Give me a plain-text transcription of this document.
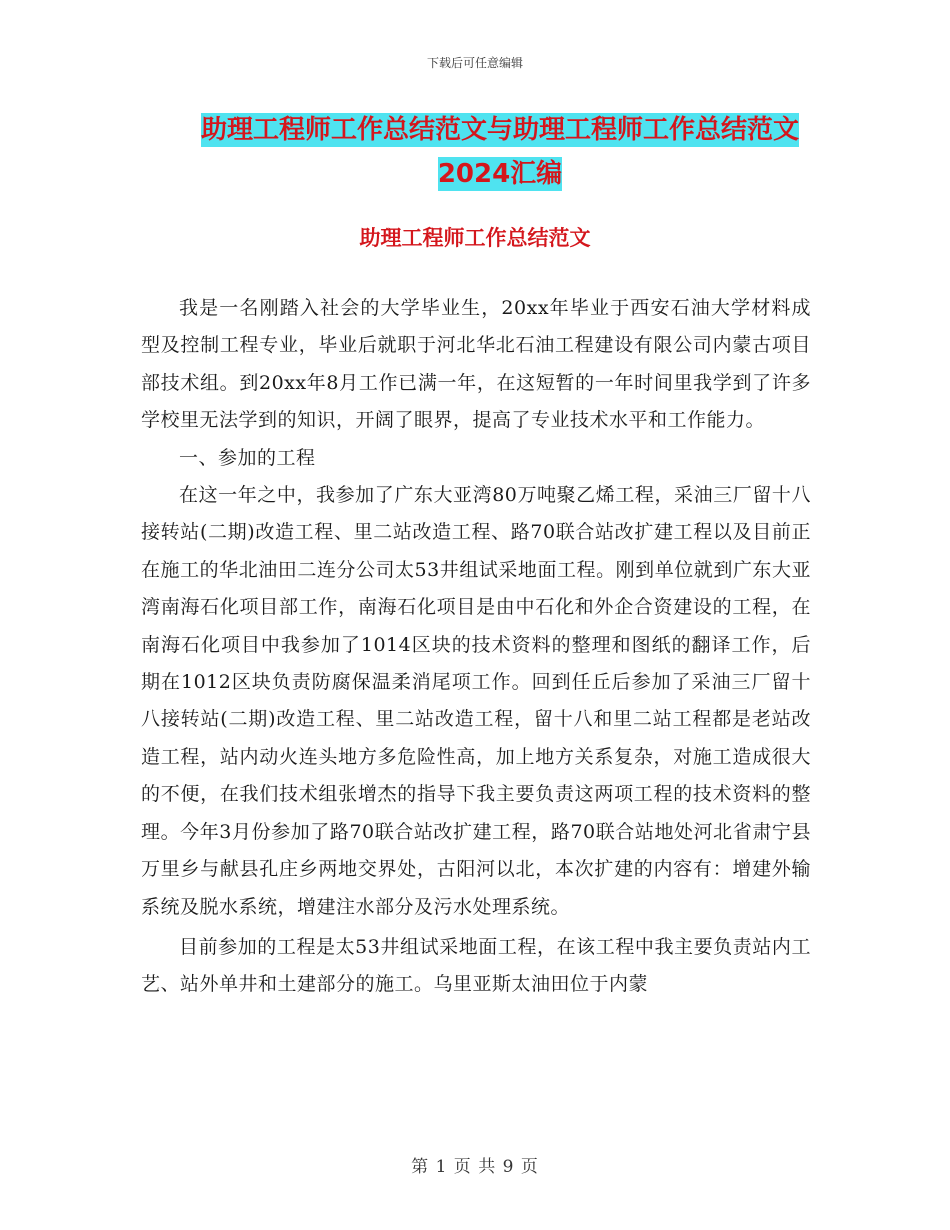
下载后可任意编辑
助理工程师工作总结范文与助理工程师工作总结范文
2024汇编
助理工程师工作总结范文

我是一名刚踏入社会的大学毕业生，20xx年毕业于西安石油大学材料成型及控制工程专业，毕业后就职于河北华北石油工程建设有限公司内蒙古项目部技术组。到20xx年8月工作已满一年，在这短暂的一年时间里我学到了许多学校里无法学到的知识，开阔了眼界，提高了专业技术水平和工作能力。

一、参加的工程

在这一年之中，我参加了广东大亚湾80万吨聚乙烯工程，采油三厂留十八接转站(二期)改造工程、里二站改造工程、路70联合站改扩建工程以及目前正在施工的华北油田二连分公司太53井组试采地面工程。刚到单位就到广东大亚湾南海石化项目部工作，南海石化项目是由中石化和外企合资建设的工程，在南海石化项目中我参加了1014区块的技术资料的整理和图纸的翻译工作，后期在1012区块负责防腐保温柔消尾项工作。回到任丘后参加了采油三厂留十八接转站(二期)改造工程、里二站改造工程，留十八和里二站工程都是老站改造工程，站内动火连头地方多危险性高，加上地方关系复杂，对施工造成很大的不便，在我们技术组张增杰的指导下我主要负责这两项工程的技术资料的整理。今年3月份参加了路70联合站改扩建工程，路70联合站地处河北省肃宁县万里乡与献县孔庄乡两地交界处，古阳河以北，本次扩建的内容有：增建外输系统及脱水系统，增建注水部分及污水处理系统。

目前参加的工程是太53井组试采地面工程，在该工程中我主要负责站内工艺、站外单井和土建部分的施工。乌里亚斯太油田位于内蒙

第 1 页 共 9 页
